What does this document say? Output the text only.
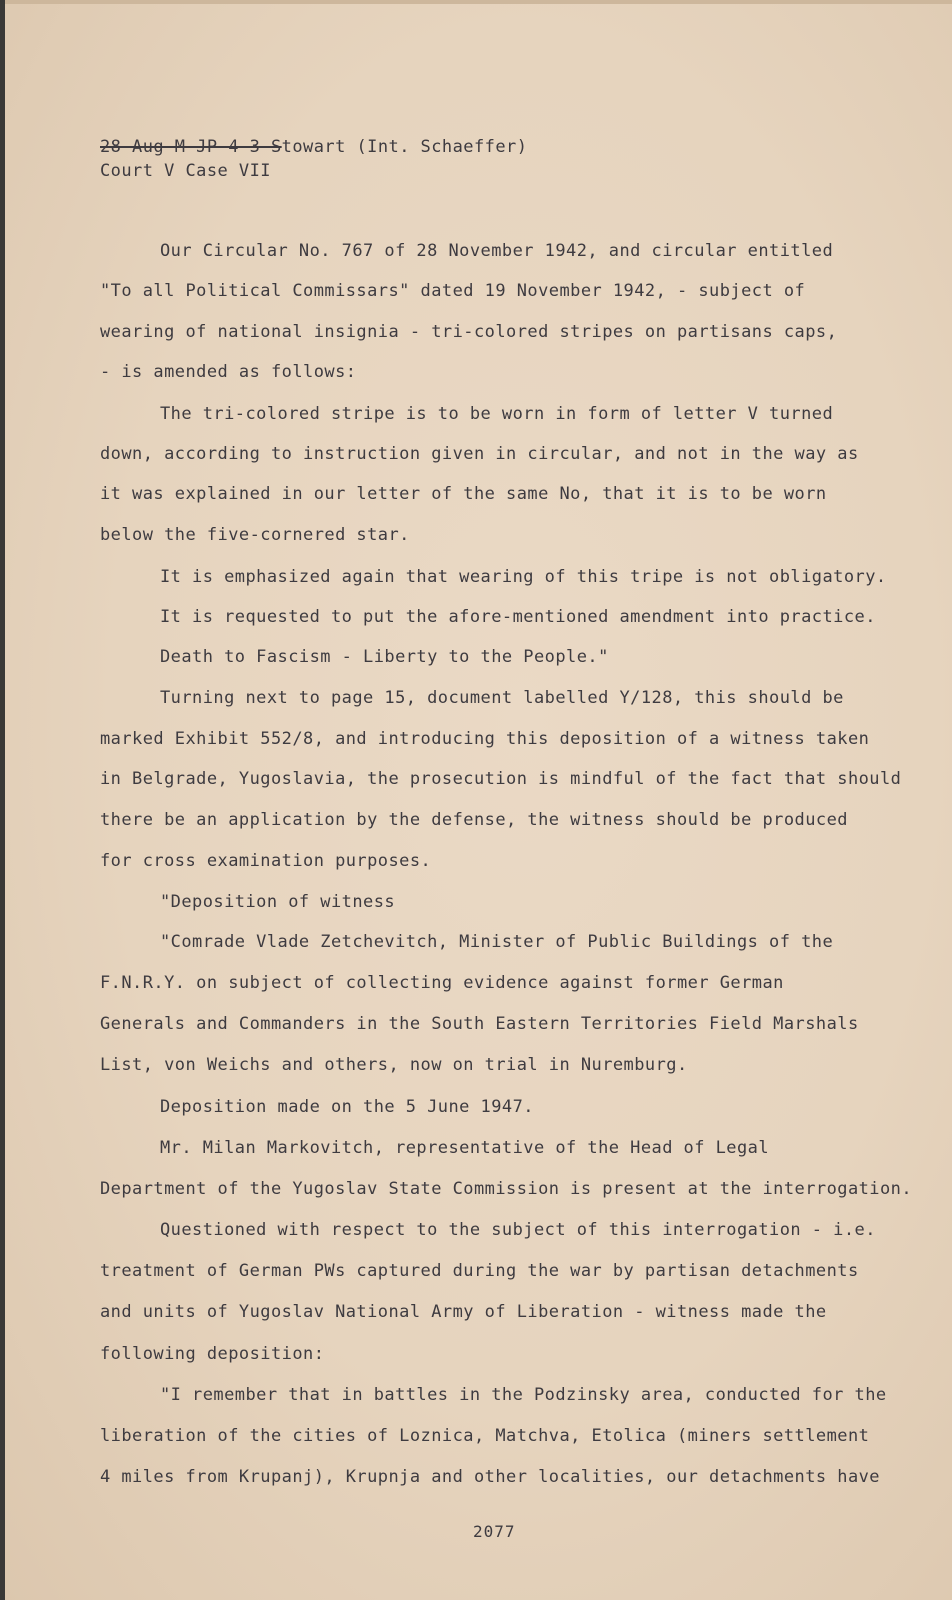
28-Aug-M-JP-4-3-Stowart (Int. Schaeffer)
Court V Case VII
Our Circular No. 767 of 28 November 1942, and circular entitled
"To all Political Commissars" dated 19 November 1942, - subject of
wearing of national insignia - tri-colored stripes on partisans caps,
- is amended as follows:
The tri-colored stripe is to be worn in form of letter V turned
down, according to instruction given in circular, and not in the way as
it was explained in our letter of the same No, that it is to be worn
below the five-cornered star.
It is emphasized again that wearing of this tripe is not obligatory.
It is requested to put the afore-mentioned amendment into practice.
Death to Fascism - Liberty to the People."
Turning next to page 15, document labelled Y/128, this should be
marked Exhibit 552/8, and introducing this deposition of a witness taken
in Belgrade, Yugoslavia, the prosecution is mindful of the fact that should
there be an application by the defense, the witness should be produced
for cross examination purposes.
"Deposition of witness
"Comrade Vlade Zetchevitch, Minister of Public Buildings of the
F.N.R.Y. on subject of collecting evidence against former German
Generals and Commanders in the South Eastern Territories Field Marshals
List, von Weichs and others, now on trial in Nuremburg.
Deposition made on the 5 June 1947.
Mr. Milan Markovitch, representative of the Head of Legal
Department of the Yugoslav State Commission is present at the interrogation.
Questioned with respect to the subject of this interrogation - i.e.
treatment of German PWs captured during the war by partisan detachments
and units of Yugoslav National Army of Liberation - witness made the
following deposition:
"I remember that in battles in the Podzinsky area, conducted for the
liberation of the cities of Loznica, Matchva, Etolica (miners settlement
4 miles from Krupanj), Krupnja and other localities, our detachments have
2077
